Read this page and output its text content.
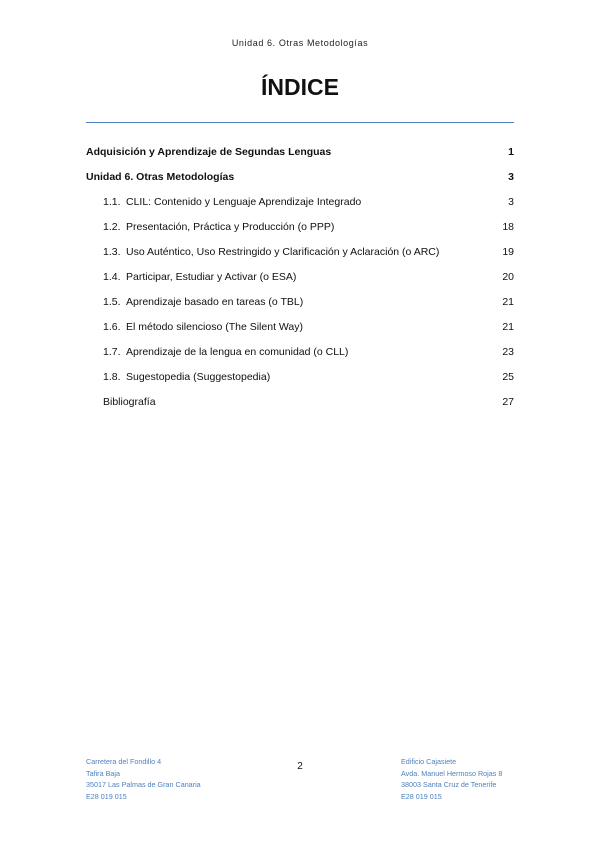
Unidad 6. Otras Metodologías
ÍNDICE
Adquisición y Aprendizaje de Segundas Lenguas	1
Unidad 6. Otras Metodologías	3
1.1. CLIL: Contenido y Lenguaje Aprendizaje Integrado	3
1.2. Presentación, Práctica y Producción (o PPP)	18
1.3. Uso Auténtico, Uso Restringido y Clarificación y Aclaración (o ARC)	19
1.4. Participar, Estudiar y Activar (o ESA)	20
1.5. Aprendizaje basado en tareas (o TBL)	21
1.6. El método silencioso (The Silent Way)	21
1.7. Aprendizaje de la lengua en comunidad (o CLL)	23
1.8. Sugestopedia (Suggestopedia)	25
Bibliografía	27
Carretera del Fondillo 4
Tafira Baja
35017 Las Palmas de Gran Canaria
E28 019 015
2	Edificio Cajasiete
Avda. Manuel Hermoso Rojas 8
38003 Santa Cruz de Tenerife
E28 019 015
